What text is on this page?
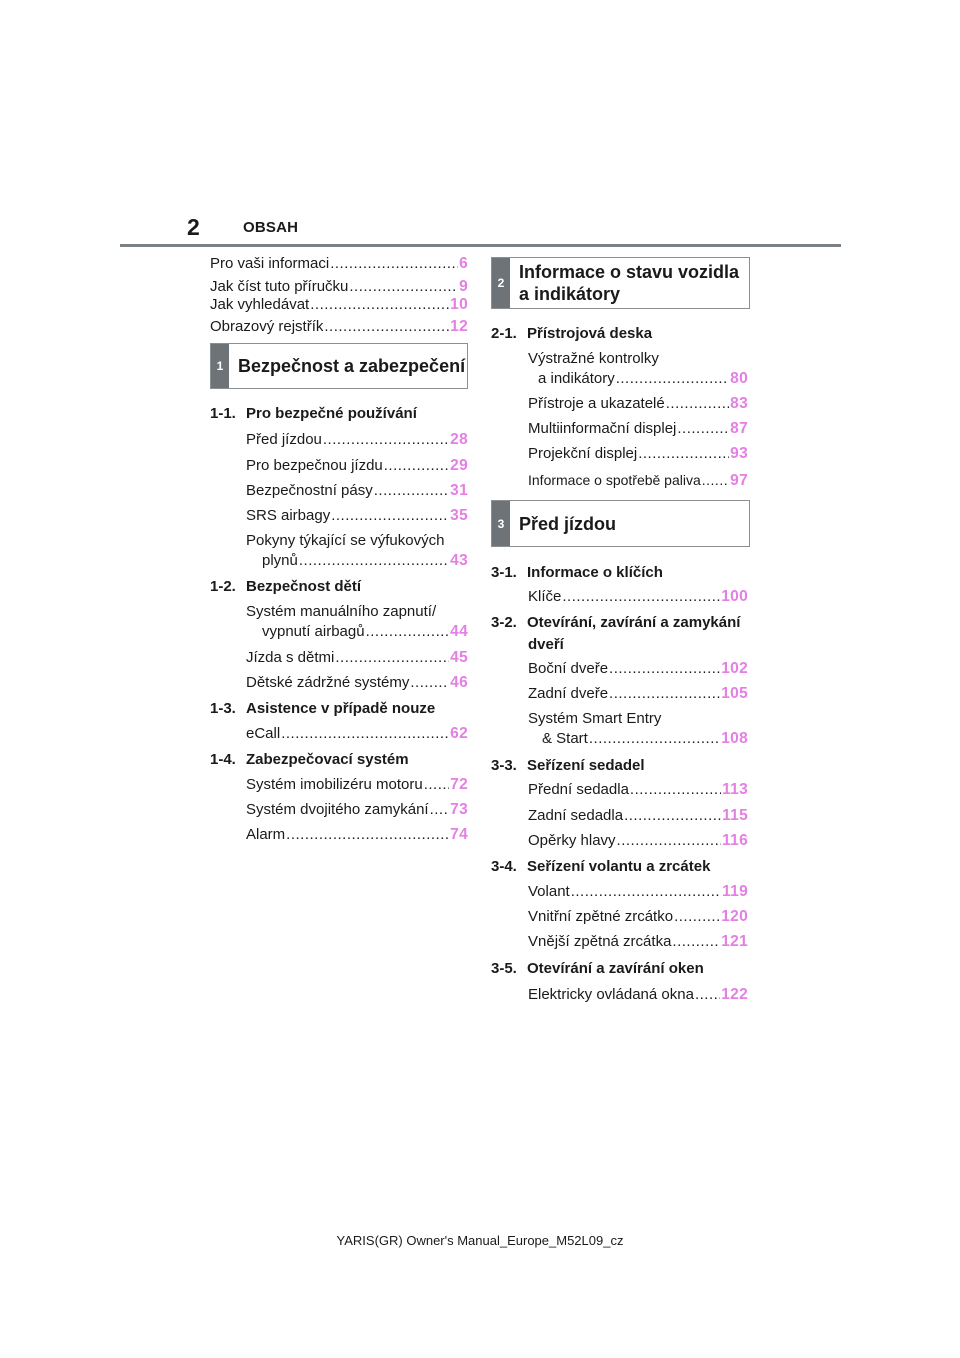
2	OBSAH
Pro vaši informaci .....	6
Jak číst tuto příručku .....	9
Jak vyhledávat .....	10
Obrazový rejstřík .....	12
1 Bezpečnost a zabezpečení
1-1. Pro bezpečné používání
Před jízdou .....	28
Pro bezpečnou jízdu .....	29
Bezpečnostní pásy .....	31
SRS airbagy .....	35
Pokyny týkající se výfukových
plynů .....	43
1-2. Bezpečnost dětí
Systém manuálního zapnutí/
vypnutí airbagů .....	44
Jízda s dětmi .....	45
Dětské zádržné systémy .....	46
1-3. Asistence v případě nouze
eCall .....	62
1-4. Zabezpečovací systém
Systém imobilizéru motoru ..... 72
Systém dvojitého zamykání ..... 73
Alarm .....	74
2
Informace o stavu vozidla
a indikátory
2-1. Přístrojová deska
Výstražné kontrolky
a indikátory .....	80
Přístroje a ukazatelé .....	83
Multiinformační displej .....	87
Projekční displej .....	93
Informace o spotřebě paliva ..... 97
3 Před jízdou
3-1. Informace o klíčích
Klíče .....	100
3-2. Otevírání, zavírání a zamykání
dveří
Boční dveře .....	102
Zadní dveře .....	105
Systém Smart Entry
& Start .....	108
3-3. Seřízení sedadel
Přední sedadla .....	113
Zadní sedadla .....	115
Opěrky hlavy .....	116
3-4. Seřízení volantu a zrcátek
Volant .....	119
Vnitřní zpětné zrcátko .....	120
Vnější zpětná zrcátka .....	121
3-5. Otevírání a zavírání oken
Elektricky ovládaná okna ..... 122
YARIS(GR) Owner's Manual_Europe_M52L09_cz
